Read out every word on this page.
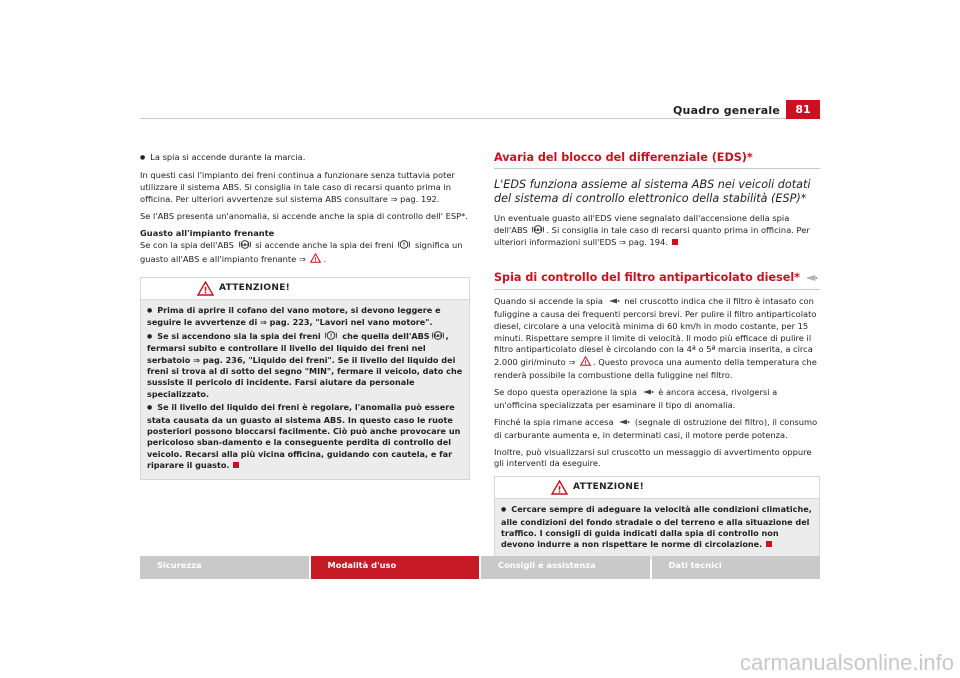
Quadro generale	81

● La spia si accende durante la marcia.

In questi casi l'impianto dei freni continua a funzionare senza tuttavia poter utilizzare il sistema ABS. Si consiglia in tale caso di recarsi quanto prima in officina. Per ulteriori avvertenze sul sistema ABS consultare ⇒ pag. 192.

Se l'ABS presenta un'anomalia, si accende anche la spia di controllo dell' ESP*.

Guasto all'impianto frenante

Se con la spia dell'ABS ABS si accende anche la spia dei freni ! significa un guasto all'ABS e all'impianto frenante ⇒ ! .

! ATTENZIONE!

● Prima di aprire il cofano del vano motore, si devono leggere e seguire le avvertenze di ⇒ pag. 223, "Lavori nel vano motore".

● Se si accendono sia la spia dei freni ! che quella dell'ABS ABS , fermarsi subito e controllare il livello del liquido dei freni nel serbatoio ⇒ pag. 236, "Liquido dei freni". Se il livello del liquido dei freni si trova al di sotto del segno "MIN", fermare il veicolo, dato che sussiste il pericolo di incidente. Farsi aiutare da personale specializzato.

● Se il livello del liquido dei freni è regolare, l'anomalia può essere stata causata da un guasto al sistema ABS. In questo caso le ruote posteriori possono bloccarsi facilmente. Ciò può anche provocare un pericoloso sban-damento e la conseguente perdita di controllo del veicolo. Recarsi alla più vicina officina, guidando con cautela, e far riparare il guasto.

Avaria del blocco del differenziale (EDS)*
L'EDS funziona assieme al sistema ABS nei veicoli dotati del sistema di controllo elettronico della stabilità (ESP)*

Un eventuale guasto all'EDS viene segnalato dall'accensione della spia dell'ABS ABS . Si consiglia in tale caso di recarsi quanto prima in officina. Per ulteriori informazioni sull'EDS ⇒ pag. 194.

Spia di controllo del filtro antiparticolato diesel*

Quando si accende la spia	nel cruscotto indica che il filtro è intasato con fuliggine a causa dei frequenti percorsi brevi. Per pulire il filtro antiparticolato diesel, circolare a una velocità minima di 60 km/h in modo costante, per 15 minuti. Rispettare sempre il limite di velocità. Il modo più efficace di pulire il filtro antiparticolato diesel è circolando con la 4ª o 5ª marcia inserita, a circa 2.000 giri/minuto ⇒ ! . Questo provoca una aumento della temperatura che renderà possibile la combustione della fuliggine nel filtro.

Se dopo questa operazione la spia	è ancora accesa, rivolgersi a un'officina specializzata per esaminare il tipo di anomalia.

Finché la spia rimane accesa	(segnale di ostruzione del filtro), il consumo di carburante aumenta e, in determinati casi, il motore perde potenza.

Inoltre, può visualizzarsi sul cruscotto un messaggio di avvertimento oppure gli interventi da eseguire.

! ATTENZIONE!

● Cercare sempre di adeguare la velocità alle condizioni climatiche, alle condizioni del fondo stradale o del terreno e alla situazione del traffico. I consigli di guida indicati dalla spia di controllo non devono indurre a non rispettare le norme di circolazione.

Sicurezza	Modalità d'uso	Consigli e assistenza	Dati tecnici
carmanualsonline.info
